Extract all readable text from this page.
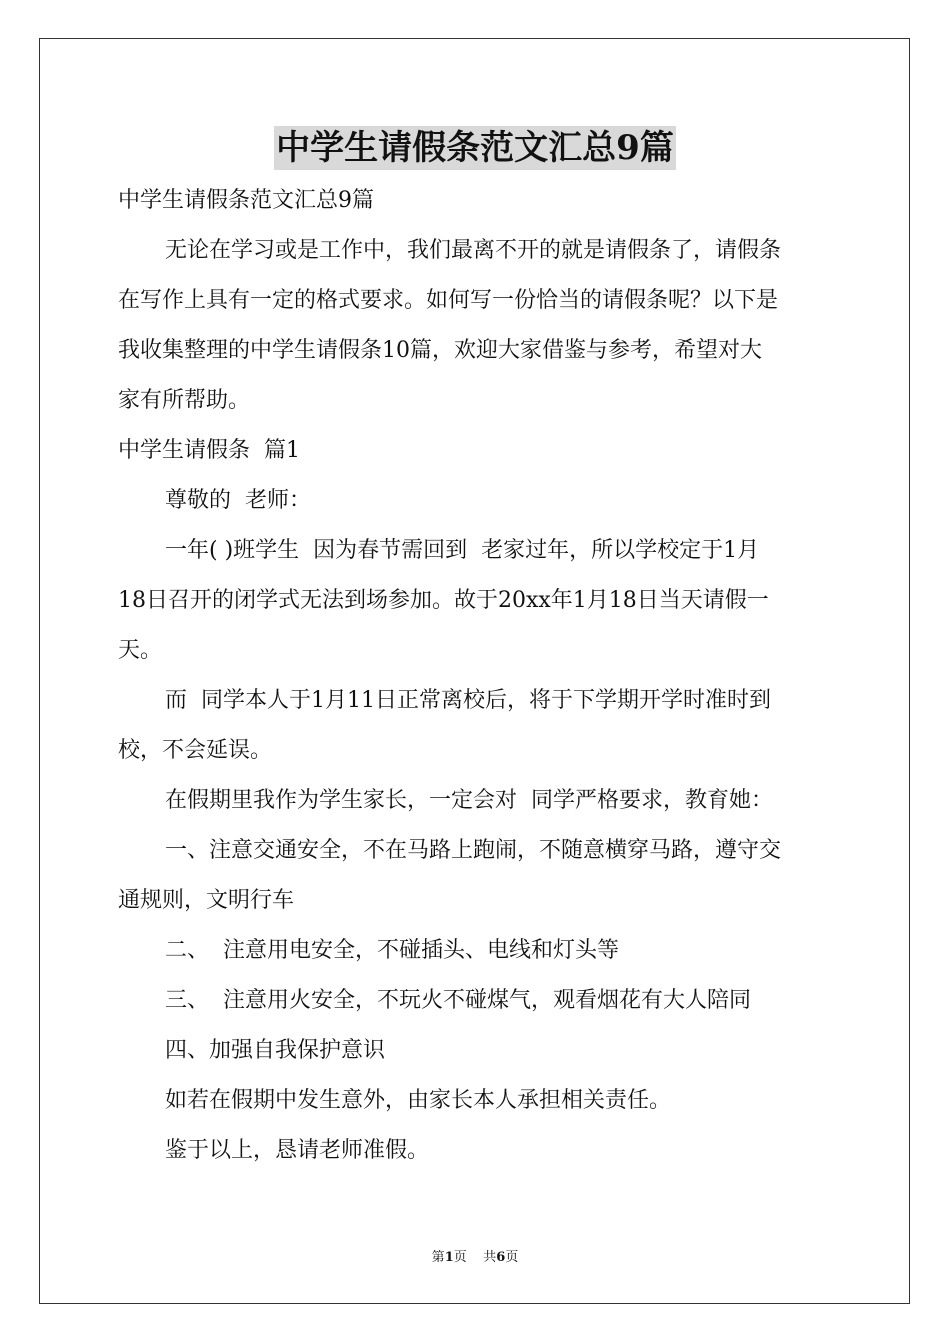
中学生请假条范文汇总9篇

中学生请假条范文汇总9篇

无论在学习或是工作中，我们最离不开的就是请假条了，请假条

在写作上具有一定的格式要求。如何写一份恰当的请假条呢？以下是

我收集整理的中学生请假条10篇，欢迎大家借鉴与参考，希望对大

家有所帮助。

中学生请假条  篇1

尊敬的  老师：

一年( )班学生  因为春节需回到  老家过年，所以学校定于1月

18日召开的闭学式无法到场参加。故于20xx年1月18日当天请假一

天。

而  同学本人于1月11日正常离校后，将于下学期开学时准时到

校，不会延误。

在假期里我作为学生家长，一定会对  同学严格要求，教育她：

一、注意交通安全，不在马路上跑闹，不随意横穿马路，遵守交

通规则，文明行车

二、  注意用电安全，不碰插头、电线和灯头等

三、  注意用火安全，不玩火不碰煤气，观看烟花有大人陪同

四、加强自我保护意识

如若在假期中发生意外，由家长本人承担相关责任。

鉴于以上，恳请老师准假。

第1页    共6页
